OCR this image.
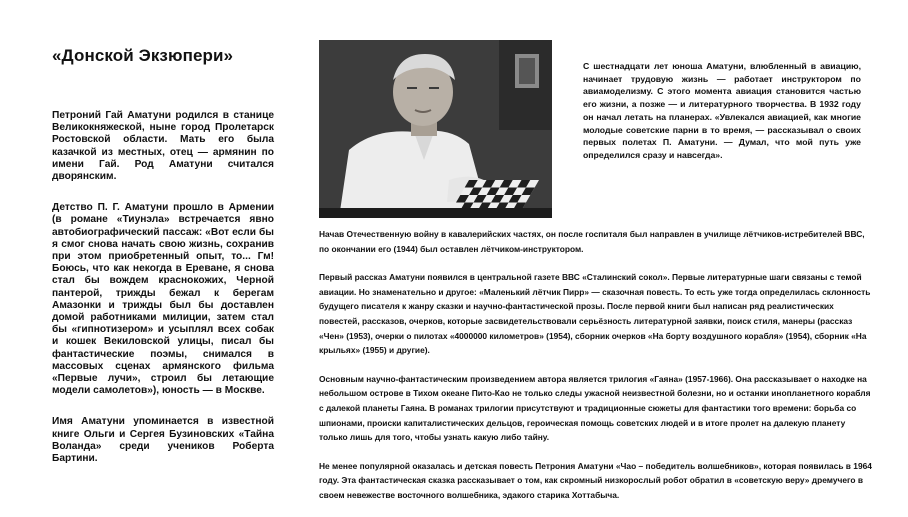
«Донской Экзюпери»

Петроний Гай Аматуни родился в станице Великокняжеской, ныне город Пролетарск Ростовской области. Мать его была казачкой из местных, отец — армянин по имени Гай. Род Аматуни считался дворянским.

Детство П. Г. Аматуни прошло в Армении (в романе «Тиунэла» встречается явно автобиографический пассаж: «Вот если бы я смог снова начать свою жизнь, сохранив при этом приобретенный опыт, то... Гм! Боюсь, что как некогда в Ереване, я снова стал бы вождем краснокожих, Черной пантерой, трижды бежал к берегам Амазонки и трижды был бы доставлен домой работниками милиции, затем стал бы «гипнотизером» и усыплял всех собак и кошек Векиловской улицы, писал бы фантастические поэмы, снимался в массовых сценах армянского фильма «Первые лучи», строил бы летающие модели самолетов»), юность — в Москве.

Имя Аматуни упоминается в известной книге Ольги и Сергея Бузиновских «Тайна Воланда» среди учеников Роберта Бартини.

С шестнадцати лет юноша Аматуни, влюбленный в авиацию, начинает трудовую жизнь — работает инструктором по авиамоделизму. С этого момента авиация становится частью его жизни, а позже — и литературного творчества. В 1932 году он начал летать на планерах. «Увлекался авиацией, как многие молодые советские парни в то время, — рассказывал о своих первых полетах П. Аматуни. — Думал, что мой путь уже определился сразу и навсегда».

Начав Отечественную войну в кавалерийских частях, он после госпиталя был направлен в училище лётчиков-истребителей ВВС, по окончании его (1944) был оставлен лётчиком-инструктором.

Первый рассказ Аматуни появился в центральной газете ВВС «Сталинский сокол». Первые литературные шаги связаны с темой авиации. Но знаменательно и другое: «Маленький лётчик Пирр» — сказочная повесть. То есть уже тогда определилась склонность будущего писателя к жанру сказки и научно-фантастической прозы. После первой книги был написан ряд реалистических повестей, рассказов, очерков, которые засвидетельствовали серьёзность литературной заявки, поиск стиля, манеры (рассказ «Чен» (1953), очерки о пилотах «4000000 километров» (1954), сборник очерков «На борту воздушного корабля» (1954), сборник «На крыльях» (1955) и другие).

Основным научно-фантастическим произведением автора является трилогия «Гаяна» (1957-1966). Она рассказывает о находке на небольшом острове в Тихом океане Пито-Као не только следы ужасной неизвестной болезни, но и останки инопланетного корабля с далекой планеты Гаяна. В романах трилогии присутствуют и традиционные сюжеты для фантастики того времени: борьба со шпионами, происки капиталистических дельцов, героическая помощь советских людей и в итоге пролет на далекую планету только лишь для того, чтобы узнать какую либо тайну.

Не менее популярной оказалась и детская повесть Петрония Аматуни «Чао – победитель волшебников», которая появилась в 1964 году. Эта фантастическая сказка рассказывает о том, как скромный низкорослый робот обратил в «советскую веру» дремучего в своем невежестве восточного волшебника, эдакого старика Хоттабыча.
